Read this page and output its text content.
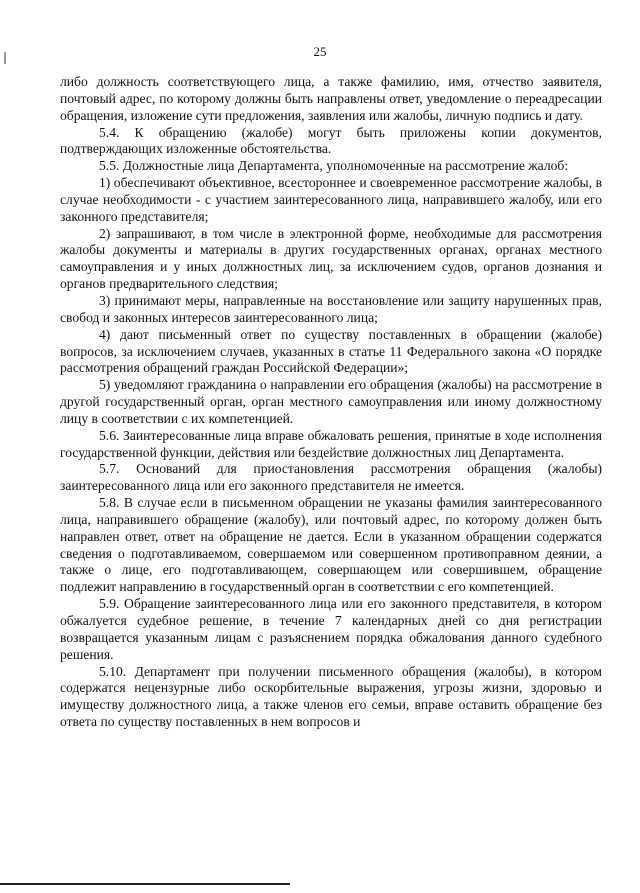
25

либо должность соответствующего лица, а также фамилию, имя, отчество заявителя, почтовый адрес, по которому должны быть направлены ответ, уведомление о переадресации обращения, изложение сути предложения, заявления или жалобы, личную подпись и дату.

5.4. К обращению (жалобе) могут быть приложены копии документов, подтверждающих изложенные обстоятельства.

5.5. Должностные лица Департамента, уполномоченные на рассмотрение жалоб:

1) обеспечивают объективное, всестороннее и своевременное рассмотрение жалобы, в случае необходимости - с участием заинтересованного лица, направившего жалобу, или его законного представителя;

2) запрашивают, в том числе в электронной форме, необходимые для рассмотрения жалобы документы и материалы в других государственных органах, органах местного самоуправления и у иных должностных лиц, за исключением судов, органов дознания и органов предварительного следствия;

3) принимают меры, направленные на восстановление или защиту нарушенных прав, свобод и законных интересов заинтересованного лица;

4) дают письменный ответ по существу поставленных в обращении (жалобе) вопросов, за исключением случаев, указанных в статье 11 Федерального закона «О порядке рассмотрения обращений граждан Российской Федерации»;

5) уведомляют гражданина о направлении его обращения (жалобы) на рассмотрение в другой государственный орган, орган местного самоуправления или иному должностному лицу в соответствии с их компетенцией.

5.6. Заинтересованные лица вправе обжаловать решения, принятые в ходе исполнения государственной функции, действия или бездействие должностных лиц Департамента.

5.7. Оснований для приостановления рассмотрения обращения (жалобы) заинтересованного лица или его законного представителя не имеется.

5.8. В случае если в письменном обращении не указаны фамилия заинтересованного лица, направившего обращение (жалобу), или почтовый адрес, по которому должен быть направлен ответ, ответ на обращение не дается. Если в указанном обращении содержатся сведения о подготавливаемом, совершаемом или совершенном противоправном деянии, а также о лице, его подготавливающем, совершающем или совершившем, обращение подлежит направлению в государственный орган в соответствии с его компетенцией.

5.9. Обращение заинтересованного лица или его законного представителя, в котором обжалуется судебное решение, в течение 7 календарных дней со дня регистрации возвращается указанным лицам с разъяснением порядка обжалования данного судебного решения.

5.10. Департамент при получении письменного обращения (жалобы), в котором содержатся нецензурные либо оскорбительные выражения, угрозы жизни, здоровью и имуществу должностного лица, а также членов его семьи, вправе оставить обращение без ответа по существу поставленных в нем вопросов и
